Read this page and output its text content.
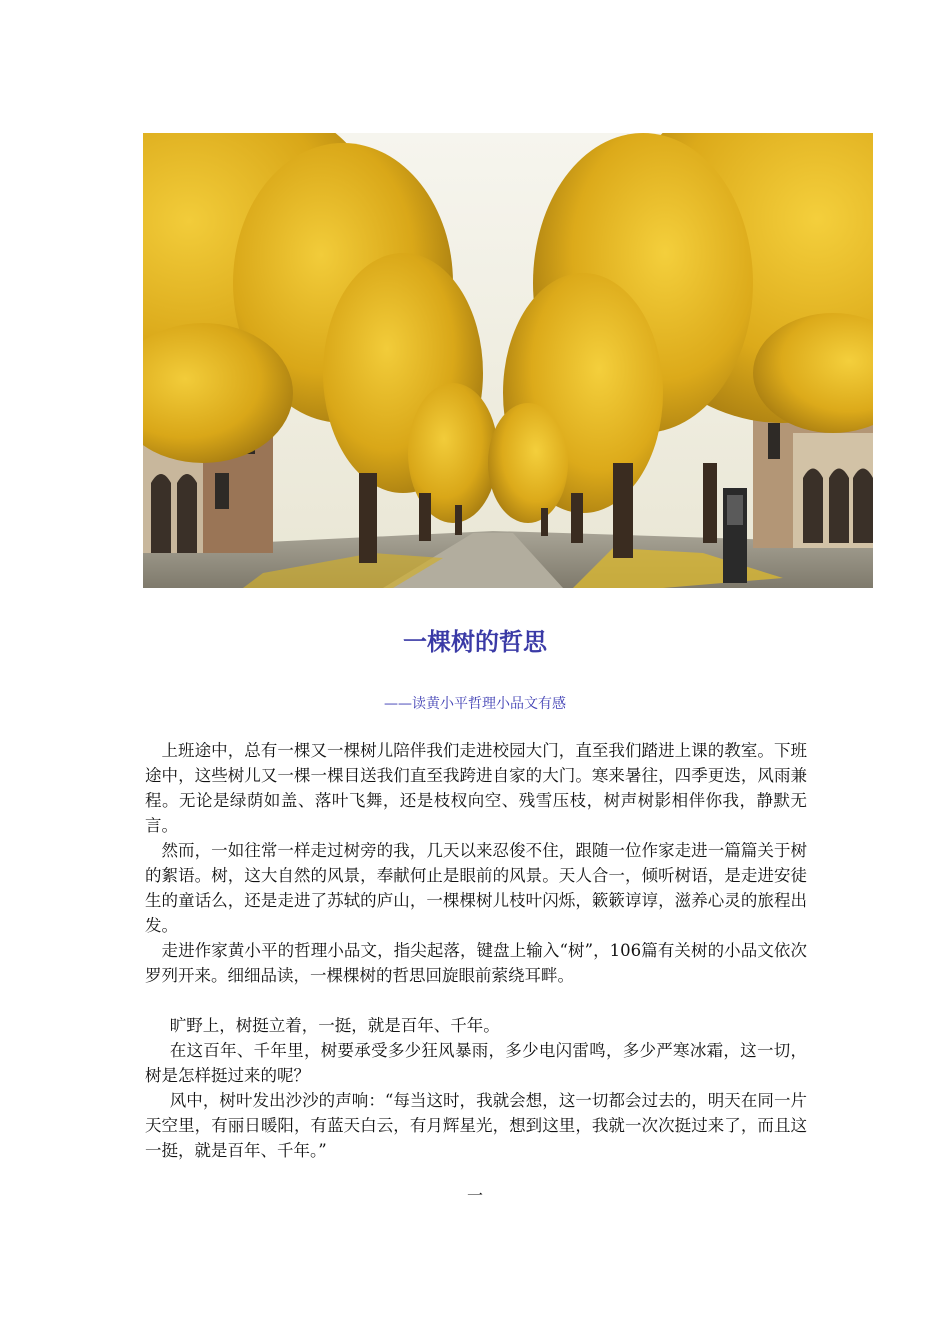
一棵树的哲思
——读黄小平哲理小品文有感

上班途中，总有一棵又一棵树儿陪伴我们走进校园大门，直至我们踏进上课的教室。下班途中，这些树儿又一棵一棵目送我们直至我跨进自家的大门。寒来暑往，四季更迭，风雨兼程。无论是绿荫如盖、落叶飞舞，还是枝杈向空、残雪压枝，树声树影相伴你我，静默无言。

然而，一如往常一样走过树旁的我，几天以来忍俊不住，跟随一位作家走进一篇篇关于树的絮语。树，这大自然的风景，奉献何止是眼前的风景。天人合一，倾听树语，是走进安徒生的童话么，还是走进了苏轼的庐山，一棵棵树儿枝叶闪烁，簌簌谆谆，滋养心灵的旅程出发。

走进作家黄小平的哲理小品文，指尖起落，键盘上输入“树”，106篇有关树的小品文依次罗列开来。细细品读，一棵棵树的哲思回旋眼前萦绕耳畔。

旷野上，树挺立着，一挺，就是百年、千年。

在这百年、千年里，树要承受多少狂风暴雨，多少电闪雷鸣，多少严寒冰霜，这一切，树是怎样挺过来的呢？

风中，树叶发出沙沙的声响：“每当这时，我就会想，这一切都会过去的，明天在同一片天空里，有丽日暖阳，有蓝天白云，有月辉星光，想到这里，我就一次次挺过来了，而且这一挺，就是百年、千年。”

一
